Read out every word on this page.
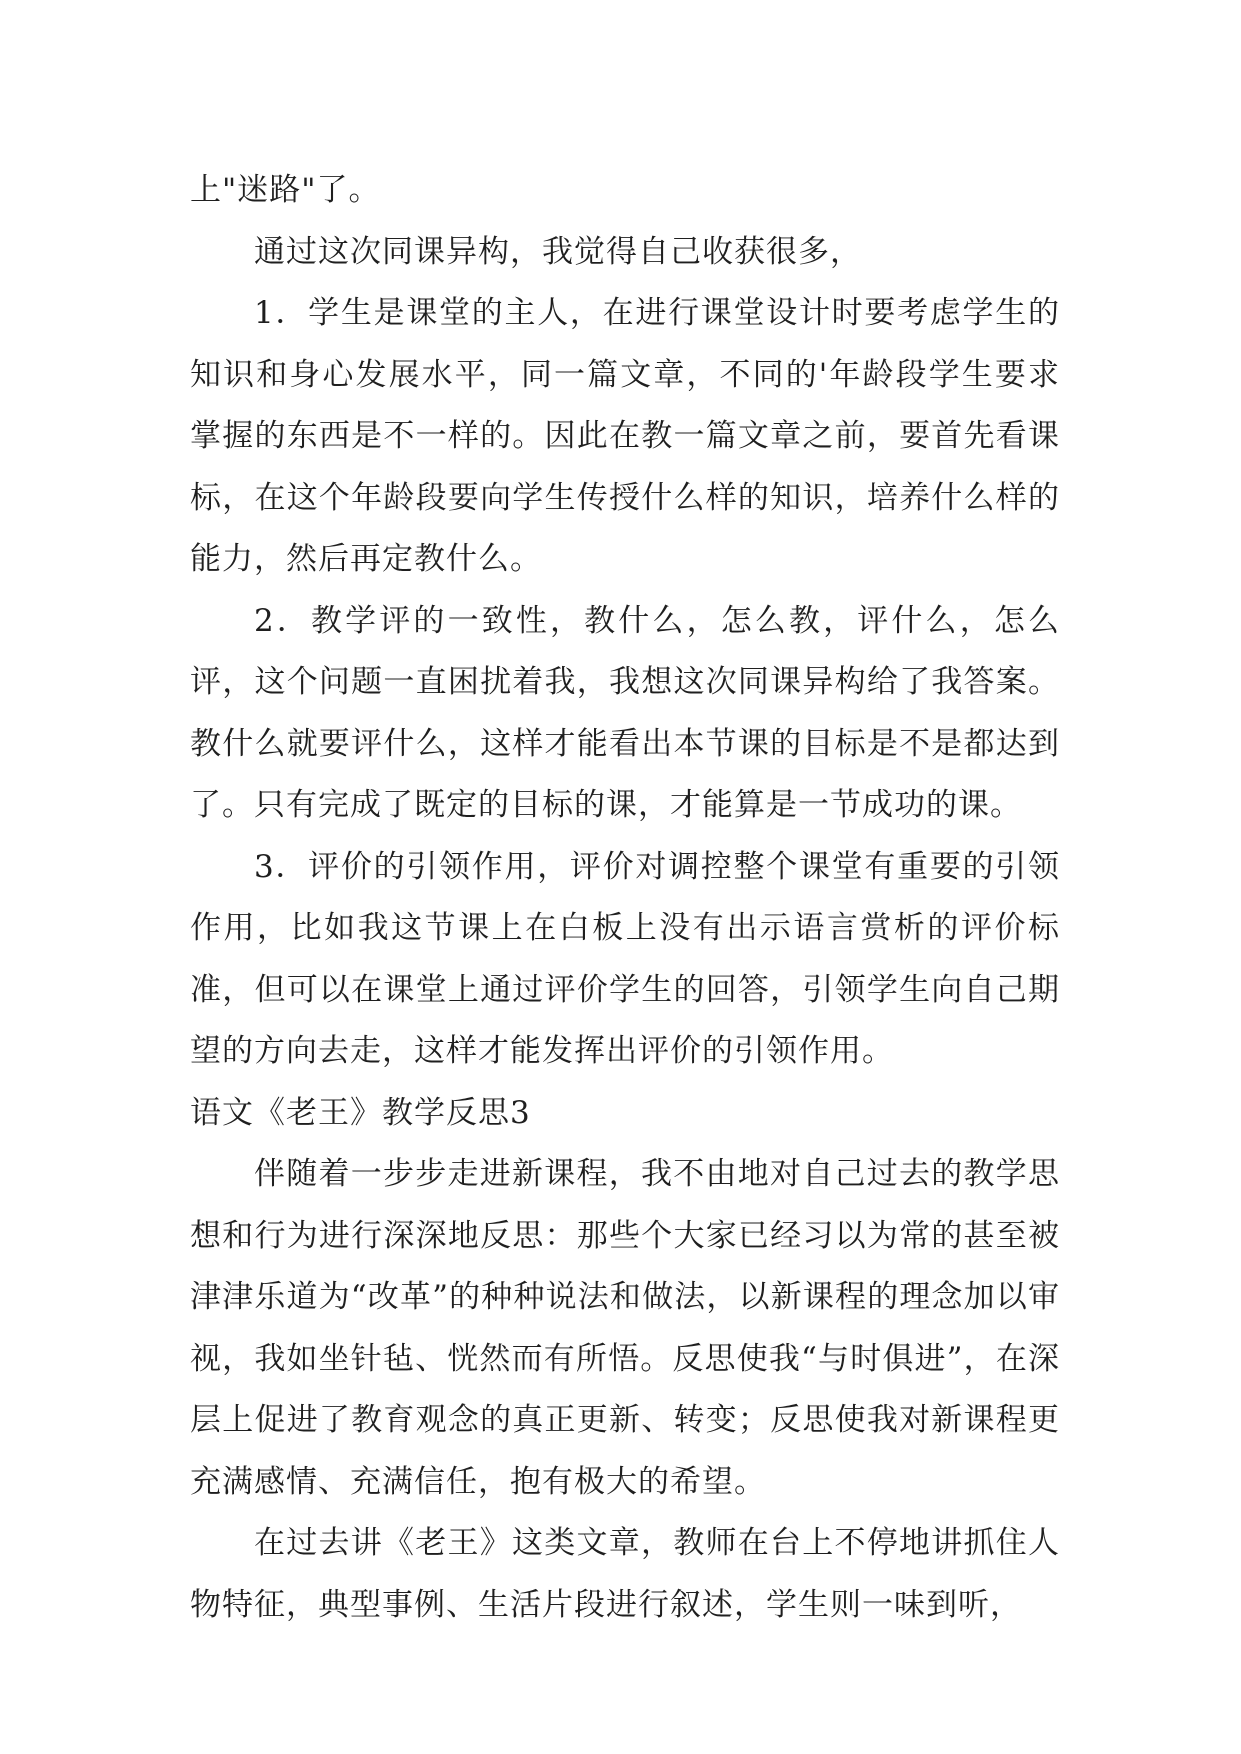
上"迷路"了。

通过这次同课异构，我觉得自己收获很多，

1．学生是课堂的主人，在进行课堂设计时要考虑学生的知识和身心发展水平，同一篇文章，不同的'年龄段学生要求掌握的东西是不一样的。因此在教一篇文章之前，要首先看课标，在这个年龄段要向学生传授什么样的知识，培养什么样的能力，然后再定教什么。

2．教学评的一致性，教什么，怎么教，评什么，怎么评，这个问题一直困扰着我，我想这次同课异构给了我答案。教什么就要评什么，这样才能看出本节课的目标是不是都达到了。只有完成了既定的目标的课，才能算是一节成功的课。

3．评价的引领作用，评价对调控整个课堂有重要的引领作用，比如我这节课上在白板上没有出示语言赏析的评价标准，但可以在课堂上通过评价学生的回答，引领学生向自己期望的方向去走，这样才能发挥出评价的引领作用。

语文《老王》教学反思3

伴随着一步步走进新课程，我不由地对自己过去的教学思想和行为进行深深地反思：那些个大家已经习以为常的甚至被津津乐道为“改革”的种种说法和做法，以新课程的理念加以审视，我如坐针毡、恍然而有所悟。反思使我“与时俱进”，在深层上促进了教育观念的真正更新、转变；反思使我对新课程更充满感情、充满信任，抱有极大的希望。

在过去讲《老王》这类文章，教师在台上不停地讲抓住人物特征，典型事例、生活片段进行叙述，学生则一味到听，
